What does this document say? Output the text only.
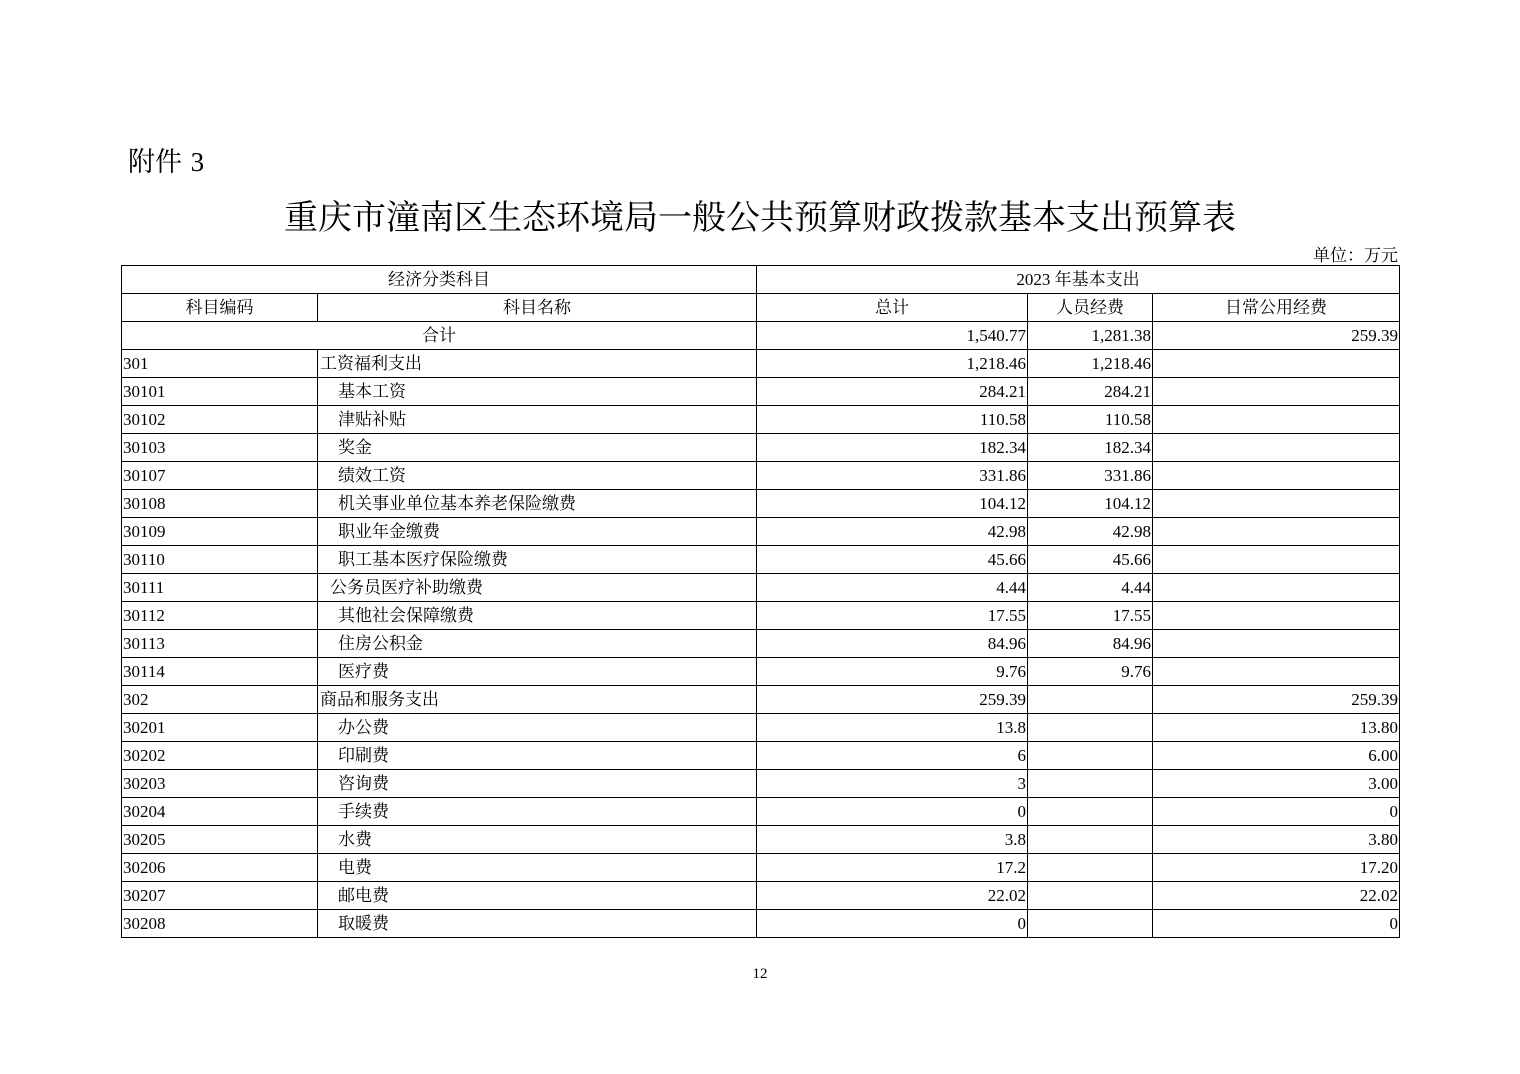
附件 3
重庆市潼南区生态环境局一般公共预算财政拨款基本支出预算表
单位：万元
经济分类科目		2023 年基本支出		
科目编码	科目名称	总计	人员经费	日常公用经费
合计		1,540.77	1,281.38	259.39
301	工资福利支出	1,218.46	1,218.46	
30101	基本工资	284.21	284.21	
30102	津贴补贴	110.58	110.58	
30103	奖金	182.34	182.34	
30107	绩效工资	331.86	331.86	
30108	机关事业单位基本养老保险缴费	104.12	104.12	
30109	职业年金缴费	42.98	42.98	
30110	职工基本医疗保险缴费	45.66	45.66	
30111	公务员医疗补助缴费	4.44	4.44	
30112	其他社会保障缴费	17.55	17.55	
30113	住房公积金	84.96	84.96	
30114	医疗费	9.76	9.76	
302	商品和服务支出	259.39		259.39
30201	办公费	13.8		13.80
30202	印刷费	6		6.00
30203	咨询费	3		3.00
30204	手续费	0		0
30205	水费	3.8		3.80
30206	电费	17.2		17.20
30207	邮电费	22.02		22.02
30208	取暖费	0		0
12
